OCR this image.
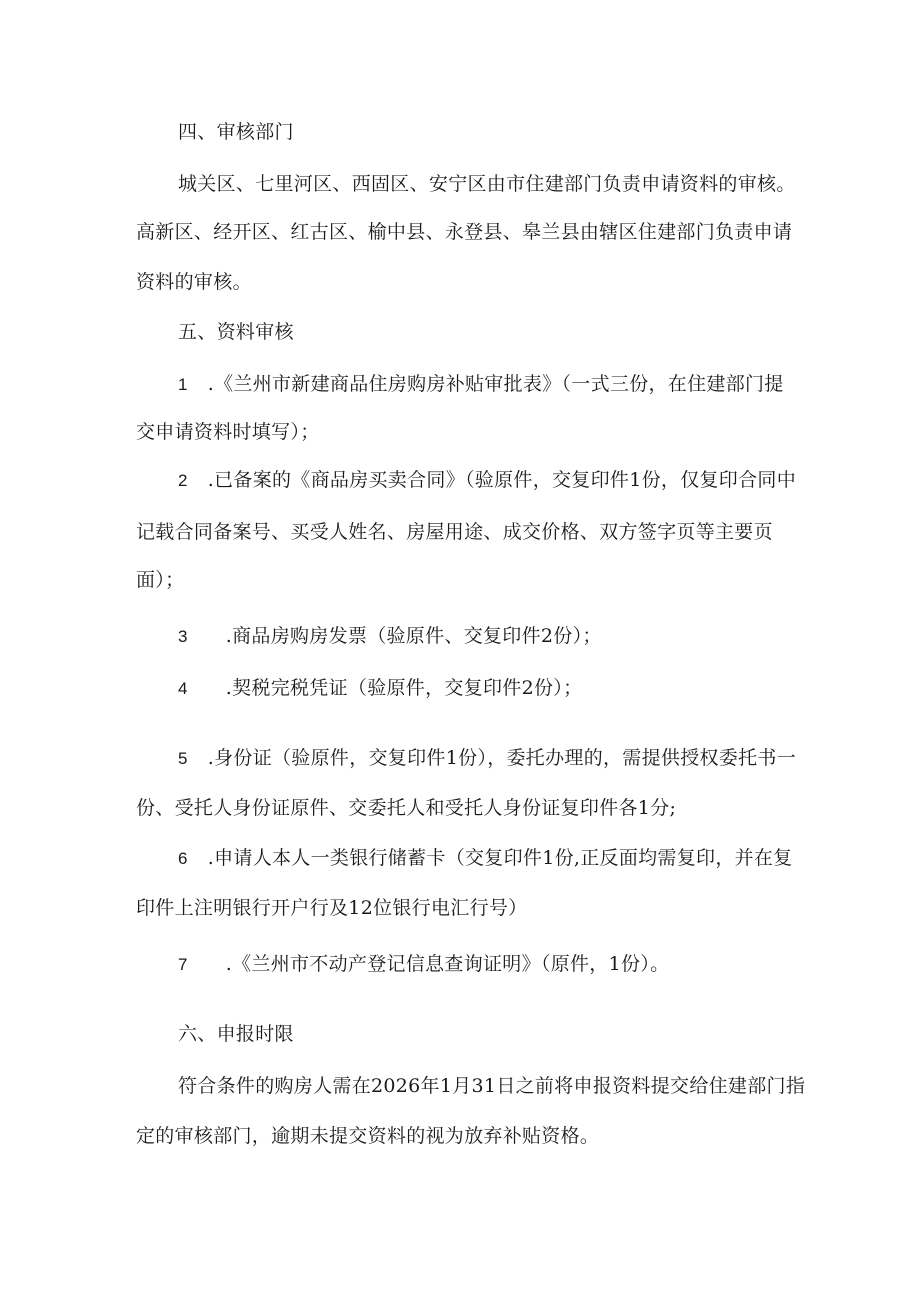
四、审核部门
城关区、七里河区、西固区、安宁区由市住建部门负责申请资料的审核。
高新区、经开区、红古区、榆中县、永登县、皋兰县由辖区住建部门负责申请
资料的审核。
五、资料审核
1 .《兰州市新建商品住房购房补贴审批表》（一式三份，在住建部门提
交申请资料时填写）；
2 .已备案的《商品房买卖合同》（验原件，交复印件1份，仅复印合同中
记载合同备案号、买受人姓名、房屋用途、成交价格、双方签字页等主要页
面）；
3 .商品房购房发票（验原件、交复印件2份）；
4 .契税完税凭证（验原件，交复印件2份）；
5 .身份证（验原件，交复印件1份），委托办理的，需提供授权委托书一
份、受托人身份证原件、交委托人和受托人身份证复印件各1分;
6 .申请人本人一类银行储蓄卡（交复印件1份,正反面均需复印，并在复
印件上注明银行开户行及12位银行电汇行号）
7 .《兰州市不动产登记信息查询证明》（原件，1份）。
六、申报时限
符合条件的购房人需在2026年1月31日之前将申报资料提交给住建部门指
定的审核部门，逾期未提交资料的视为放弃补贴资格。
